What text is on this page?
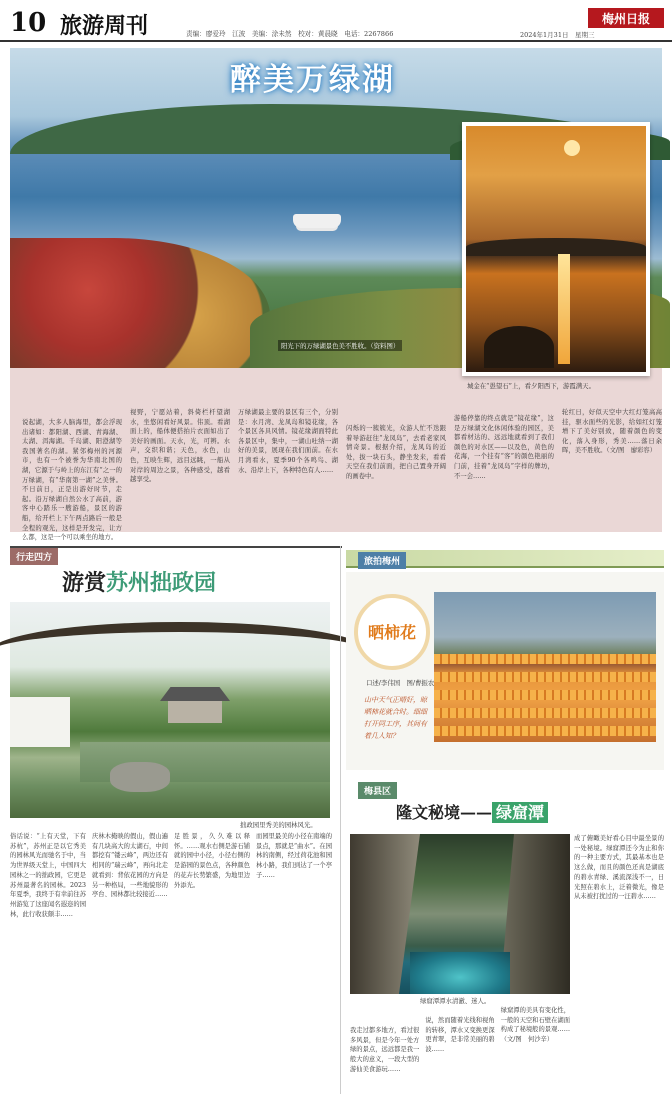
10 旅游周刊	责编：廖爱玲　江波　美编：涂未然　校对：黄晨晓　电话：2267866
梅州日报
2024年1月31日　星期三
醉美万绿湖
阳光下的万绿湖景色美不胜收。（资料图）
城金在“愚望石”上，看夕阳西下，游霞满天。
说起湖，大多人脑海里，都会浮现出诸如：都阳湖、西湖、青海湖、太湖、洱海湖。千岛湖、阳澄湖等我国著名的湖。紧邻梅州的河源市，也有一个被誉为华南北国的湖，它源于与岭上的东江有“之一的万绿湖，有“华南第一湖”之美誉。不日前日，正是出游好时节，走起。沿万绿湖自然公水了高前，游客中心踏乐一艘游船，景区的游船，给开栏上下午两点路后一般是全程的观光，这样是开发完，让方么都，这是一个可以乘坐的地方。
视野，宁愿站着，斜倚栏杆望湖水，坐悠闲看好风景。伟顶。看湖面上的，船体便搭拍片衣面如出了美好的画面。天水，光，可辨。水声，交织和谐；天色，水色，山色，互映生辉，远目远眺，一船从对岸的周边之景，各种感受，越看越享受。
万绿湖最主要的景区有三个，分别是：水月湾、龙凤岛和镜花缘，各个景区各具风情。镜花缘湖面特此各景区中，集中，一湖山吐纳一湖好的美景，展现在我们面前。在水月湾看水，夏季90个各鸣鸟、湖水、沿岸上下，各种特色有人……
闪烁的一簇簇光，众游人忙不迭跟着导游赶往“龙凤岛”，去看老家风情奇景。根据介绍，龙凤岛的近处，拔一块石头，静坐发来，看看天空在我们前面，把自己置身开阔的画卷中。
游船停靠的终点就是“镜花缘”，这是万绿湖文化休闲体验的园区，美都看材达的、远远地就看到了我们颜色的对水区——以及色，黄色的花海，一个挂有“客”的颜色艳丽的门前，挂着“龙凤岛”字样的牌坊，不一会……
轮红日，好似天空中大红灯笼高高挂，驱水面些的光影，给如红灯笼增下了美好别致，随着颜色的变化，落入身形，秀美……落日余晖，美不胜收。（文/图　廖彩容）
行走四方
游赏苏州拙政园
拙政园里秀美的园林风光。
俗话说：“上有天堂，下有苏杭”，苏州正是以它秀美的园林风光而驰名于中，当为世界级天堂上，中国四大园林之一的拙政园，它更是苏州最著名的园林。2023年夏季，我终于有幸前往苏州游览了这座闻名遐迩的园林，此行收获颇丰……
庆林木掩映的假山，假山遍有几块高大的太湖石，中间都挖有“镂云峰”，两边还有相同的“瑞云峰”，再向北走就看到：背依花园的方向是另一种格局，一些地貌形的亭台、园林都比较接近……
足胜景，久久难以释怀。……观水右侧是游石铺就的园中小径，小径右侧的是游园的景色点，各种颜色的花卉长势繁盛，为地里边外添光。
而园里最美的小径在南端的景点，那就是“曲水”。在园林的南侧，经过荷花池和园林小路，我们到达了一个亭子……
旅拍梅州
晒柿花
口述/李伟国　图/曹振农
山中天气正晴好，晾晒柿花就合时。细细打开同工序，其间有着几人知？
梅县区
隆文秘境—— 绿窟潭
绿窟潭潭水清澈、迷人。
成了俯瞰美好看心目中最坐景的一处秘境。绿窟潭还今为止和你的一种主要方式，其最基本也是这么做，而且的颜色还真是湖底的碧水青绿、溪流深浅不一，日光照在碧水上，泛着微光，像是从未被打扰过的一汪碧水……
我走过都多地方，看过很多风景，但是今年一处方绿的景点，远远都是我一般大的意义，一段大型的游仙美食游玩……
说，然而随着光线和视角的转移，潭水又变换更深更青翠，是非常美丽的碧波……
绿窟潭的美具有变化性，一般的天空和石壁在湖面构成了秘境般的景观……（文/图　何沙辛）
